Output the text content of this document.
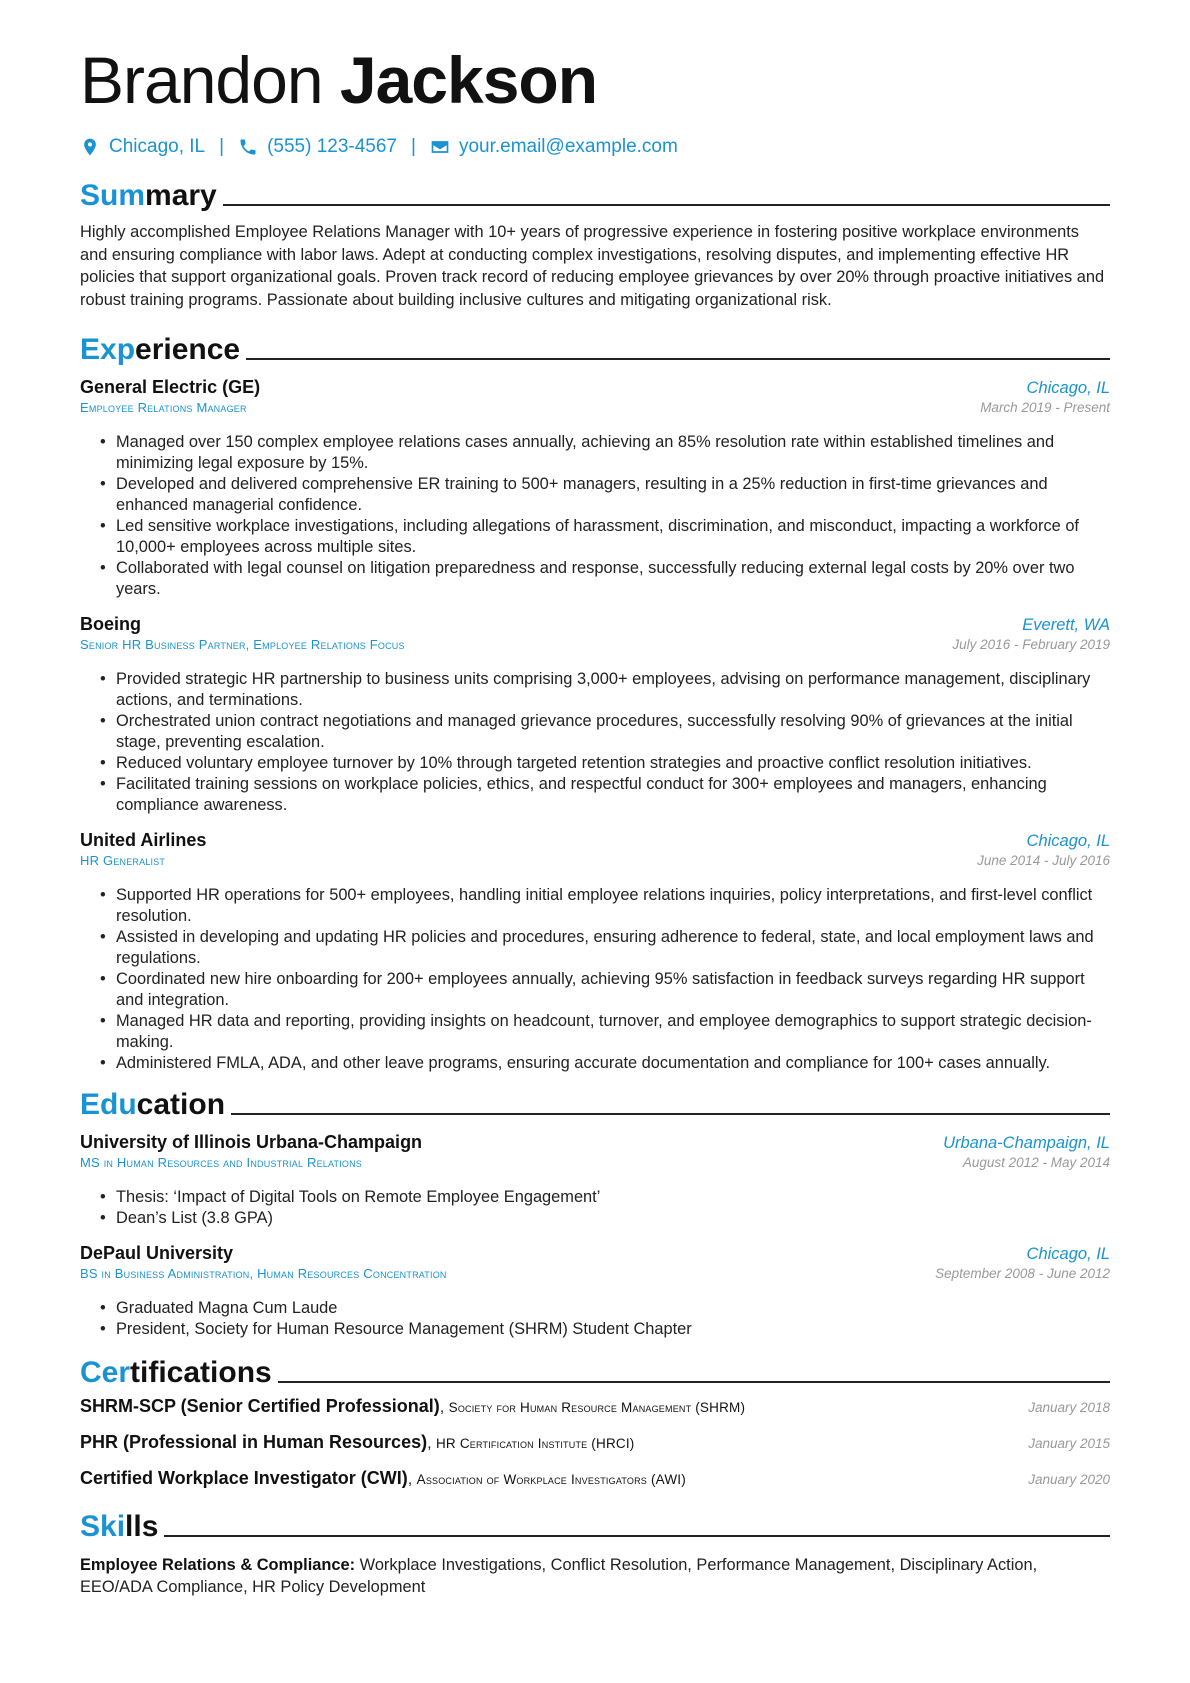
Brandon Jackson
Chicago, IL | (555) 123-4567 | your.email@example.com
Summary

Highly accomplished Employee Relations Manager with 10+ years of progressive experience in fostering positive workplace environments and ensuring compliance with labor laws. Adept at conducting complex investigations, resolving disputes, and implementing effective HR policies that support organizational goals. Proven track record of reducing employee grievances by over 20% through proactive initiatives and robust training programs. Passionate about building inclusive cultures and mitigating organizational risk.

Experience
General Electric (GE)	Chicago, IL
Employee Relations Manager	March 2019 - Present
• Managed over 150 complex employee relations cases annually, achieving an 85% resolution rate within established timelines and minimizing legal exposure by 15%.
• Developed and delivered comprehensive ER training to 500+ managers, resulting in a 25% reduction in first-time grievances and enhanced managerial confidence.
• Led sensitive workplace investigations, including allegations of harassment, discrimination, and misconduct, impacting a workforce of 10,000+ employees across multiple sites.
• Collaborated with legal counsel on litigation preparedness and response, successfully reducing external legal costs by 20% over two years.
Boeing	Everett, WA
Senior HR Business Partner, Employee Relations Focus	July 2016 - February 2019
• Provided strategic HR partnership to business units comprising 3,000+ employees, advising on performance management, disciplinary actions, and terminations.
• Orchestrated union contract negotiations and managed grievance procedures, successfully resolving 90% of grievances at the initial stage, preventing escalation.
• Reduced voluntary employee turnover by 10% through targeted retention strategies and proactive conflict resolution initiatives.
• Facilitated training sessions on workplace policies, ethics, and respectful conduct for 300+ employees and managers, enhancing compliance awareness.
United Airlines	Chicago, IL
HR Generalist	June 2014 - July 2016
• Supported HR operations for 500+ employees, handling initial employee relations inquiries, policy interpretations, and first-level conflict resolution.
• Assisted in developing and updating HR policies and procedures, ensuring adherence to federal, state, and local employment laws and regulations.
• Coordinated new hire onboarding for 200+ employees annually, achieving 95% satisfaction in feedback surveys regarding HR support and integration.
• Managed HR data and reporting, providing insights on headcount, turnover, and employee demographics to support strategic decision-making.
• Administered FMLA, ADA, and other leave programs, ensuring accurate documentation and compliance for 100+ cases annually.
Education
University of Illinois Urbana-Champaign	Urbana-Champaign, IL
MS in Human Resources and Industrial Relations	August 2012 - May 2014
• Thesis: ‘Impact of Digital Tools on Remote Employee Engagement’
• Dean’s List (3.8 GPA)
DePaul University	Chicago, IL
BS in Business Administration, Human Resources Concentration	September 2008 - June 2012
• Graduated Magna Cum Laude
• President, Society for Human Resource Management (SHRM) Student Chapter
Certifications
SHRM-SCP (Senior Certified Professional), Society for Human Resource Management (SHRM)	January 2018
PHR (Professional in Human Resources), HR Certification Institute (HRCI)	January 2015
Certified Workplace Investigator (CWI), Association of Workplace Investigators (AWI)	January 2020
Skills
Employee Relations & Compliance: Workplace Investigations, Conflict Resolution, Performance Management, Disciplinary Action, EEO/ADA Compliance, HR Policy Development
